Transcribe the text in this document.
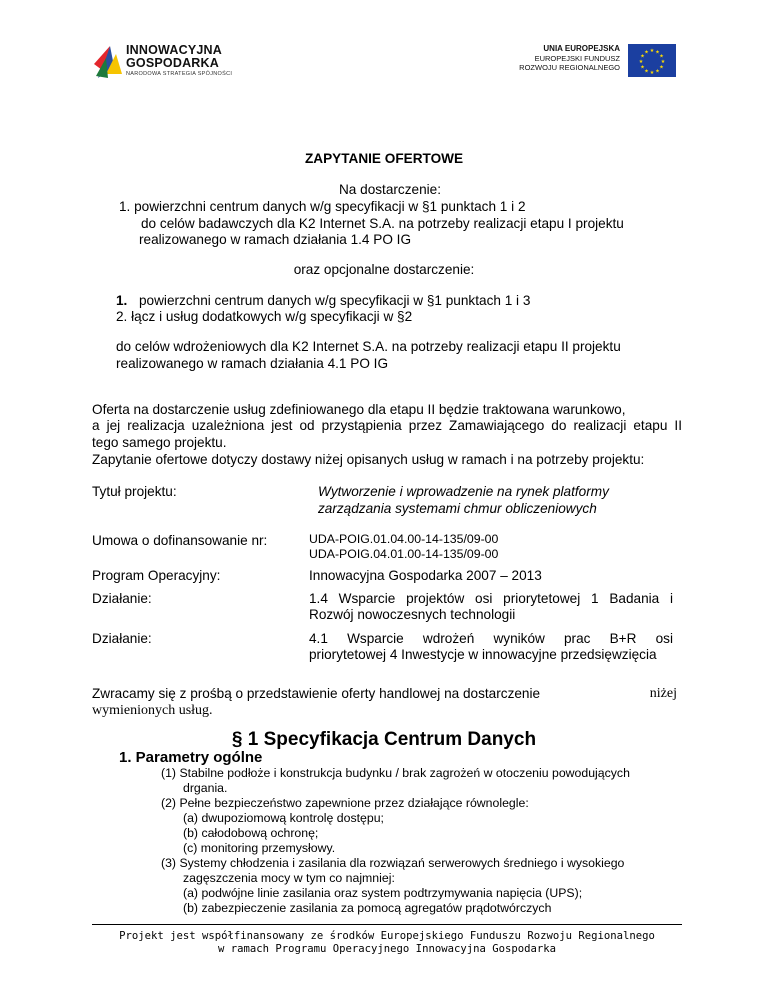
INNOWACYJNA
GOSPODARKA
NARODOWA STRATEGIA SPÓJNOŚCI
UNIA EUROPEJSKA
EUROPEJSKI FUNDUSZ
ROZWOJU REGIONALNEGO
★ ★
★
★
★
★
★
★
★
★
★
★
ZAPYTANIE OFERTOWE
Na dostarczenie:
1. powierzchni centrum danych w/g specyfikacji w §1 punktach 1 i 2
do celów badawczych dla K2 Internet S.A. na potrzeby realizacji etapu I projektu
realizowanego w ramach działania 1.4 PO IG
oraz opcjonalne dostarczenie:
1. powierzchni centrum danych w/g specyfikacji w §1 punktach 1 i 3
2. łącz i usług dodatkowych w/g specyfikacji w §2
do celów wdrożeniowych dla K2 Internet S.A. na potrzeby realizacji etapu II projektu
realizowanego w ramach działania 4.1 PO IG
Oferta na dostarczenie usług zdefiniowanego dla etapu II będzie traktowana warunkowo,
a jej realizacja uzależniona jest od przystąpienia przez Zamawiającego do realizacji etapu II
tego samego projektu.
Zapytanie ofertowe dotyczy dostawy niżej opisanych usług w ramach i na potrzeby projektu:
Tytuł projektu:	Wytworzenie i wprowadzenie na rynek platformy
zarządzania systemami chmur obliczeniowych
Umowa o dofinansowanie nr:	UDA-POIG.01.04.00-14-135/09-00
UDA-POIG.04.01.00-14-135/09-00
Program Operacyjny:	Innowacyjna Gospodarka 2007 – 2013
Działanie:	1.4 Wsparcie projektów osi priorytetowej 1 Badania i
Rozwój nowoczesnych technologii
Działanie:	4.1 Wsparcie wdrożeń wyników prac B+R osi
priorytetowej 4 Inwestycje w innowacyjne przedsięwzięcia
Zwracamy się z prośbą o przedstawienie oferty handlowej na dostarczenie	niżej
wymienionych usług.
§ 1 Specyfikacja Centrum Danych
1. Parametry ogólne
(1) Stabilne podłoże i konstrukcja budynku / brak zagrożeń w otoczeniu powodujących
drgania.
(2) Pełne bezpieczeństwo zapewnione przez działające równolegle:
(a) dwupoziomową kontrolę dostępu;
(b) całodobową ochronę;
(c) monitoring przemysłowy.
(3) Systemy chłodzenia i zasilania dla rozwiązań serwerowych średniego i wysokiego
zagęszczenia mocy w tym co najmniej:
(a) podwójne linie zasilania oraz system podtrzymywania napięcia (UPS);
(b) zabezpieczenie zasilania za pomocą agregatów prądotwórczych
Projekt jest współfinansowany ze środków Europejskiego Funduszu Rozwoju Regionalnego
w ramach Programu Operacyjnego Innowacyjna Gospodarka
